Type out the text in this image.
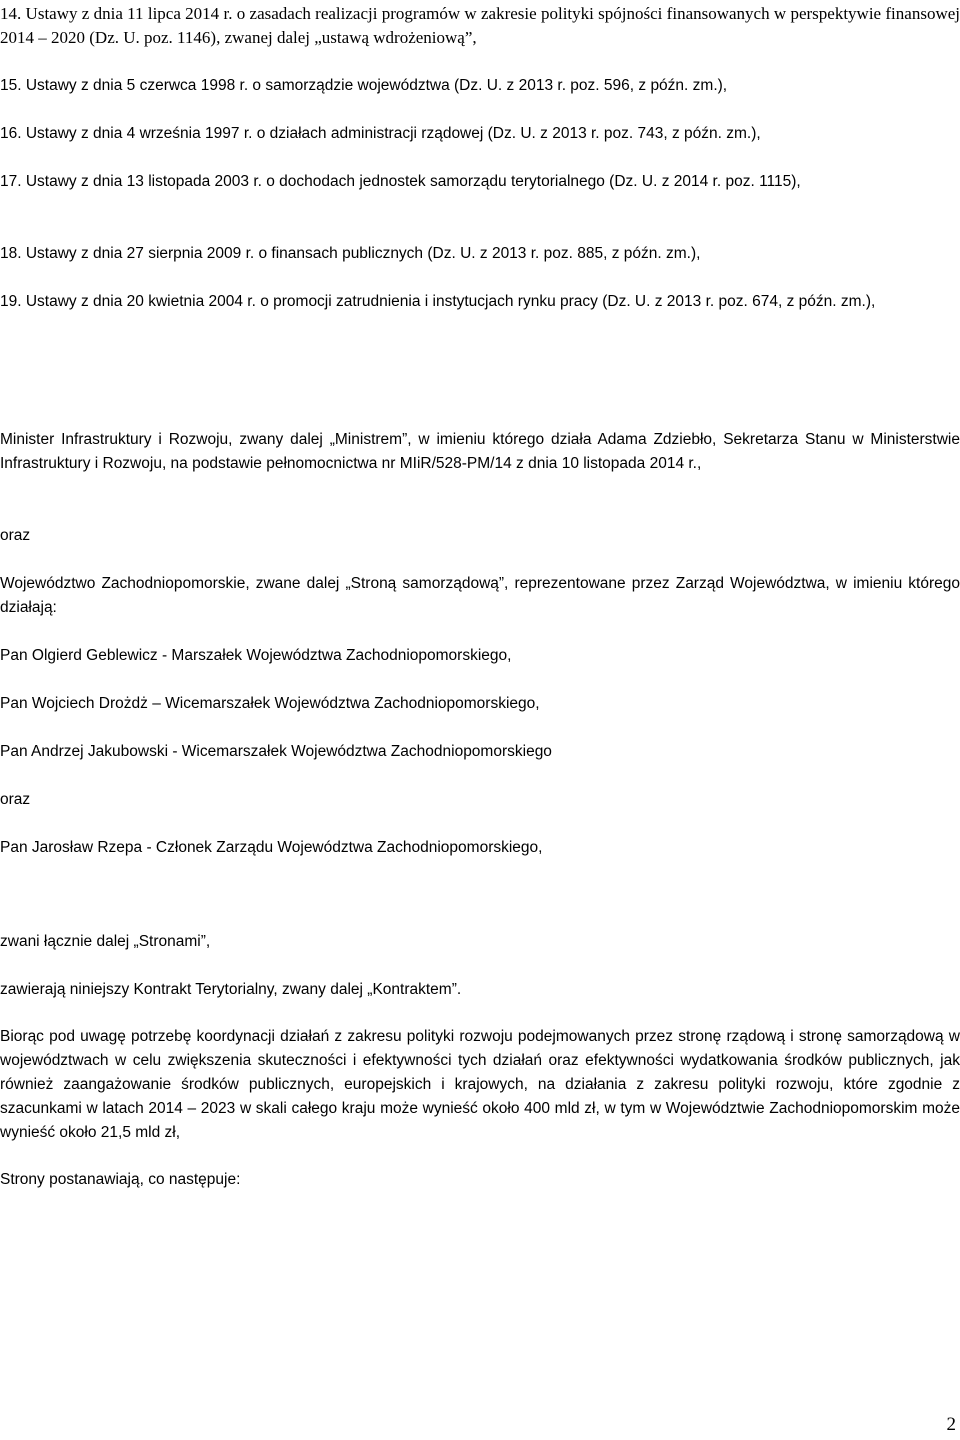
14. Ustawy z dnia 11 lipca 2014 r. o zasadach realizacji programów w zakresie polityki spójności finansowanych w perspektywie finansowej 2014 – 2020 (Dz. U. poz. 1146), zwanej dalej „ustawą wdrożeniową”,

15. Ustawy z dnia 5 czerwca 1998 r. o samorządzie województwa (Dz. U. z 2013 r. poz. 596, z późn. zm.),

16. Ustawy z dnia 4 września 1997 r. o działach administracji rządowej (Dz. U. z 2013 r. poz. 743, z późn. zm.),

17. Ustawy z dnia 13 listopada 2003 r. o dochodach jednostek samorządu terytorialnego (Dz. U. z 2014 r. poz. 1115),

18. Ustawy z dnia 27 sierpnia 2009 r. o finansach publicznych (Dz. U. z 2013 r. poz. 885, z późn. zm.),

19. Ustawy z dnia 20 kwietnia 2004 r. o promocji zatrudnienia i instytucjach rynku pracy (Dz. U. z 2013 r. poz. 674, z późn. zm.),

Minister Infrastruktury i Rozwoju, zwany dalej „Ministrem”, w imieniu którego działa Adama Zdziebło, Sekretarza Stanu w Ministerstwie Infrastruktury i Rozwoju, na podstawie pełnomocnictwa nr MIiR/528-PM/14 z dnia 10 listopada 2014 r.,

oraz

Województwo Zachodniopomorskie, zwane dalej „Stroną samorządową”, reprezentowane przez Zarząd Województwa, w imieniu którego działają:

Pan Olgierd Geblewicz - Marszałek Województwa Zachodniopomorskiego,

Pan Wojciech Drożdż – Wicemarszałek Województwa Zachodniopomorskiego,

Pan Andrzej Jakubowski - Wicemarszałek Województwa Zachodniopomorskiego

oraz

Pan Jarosław Rzepa - Członek Zarządu Województwa Zachodniopomorskiego,

zwani łącznie dalej „Stronami”,

zawierają niniejszy Kontrakt Terytorialny, zwany dalej „Kontraktem”.

Biorąc pod uwagę potrzebę koordynacji działań z zakresu polityki rozwoju podejmowanych przez stronę rządową i stronę samorządową w województwach w celu zwiększenia skuteczności i efektywności tych działań oraz efektywności wydatkowania środków publicznych, jak również zaangażowanie środków publicznych, europejskich i krajowych, na działania z zakresu polityki rozwoju, które zgodnie z szacunkami w latach 2014 – 2023 w skali całego kraju może wynieść około 400 mld zł, w tym w Województwie Zachodniopomorskim może wynieść około 21,5 mld zł,

Strony postanawiają, co następuje:

2
